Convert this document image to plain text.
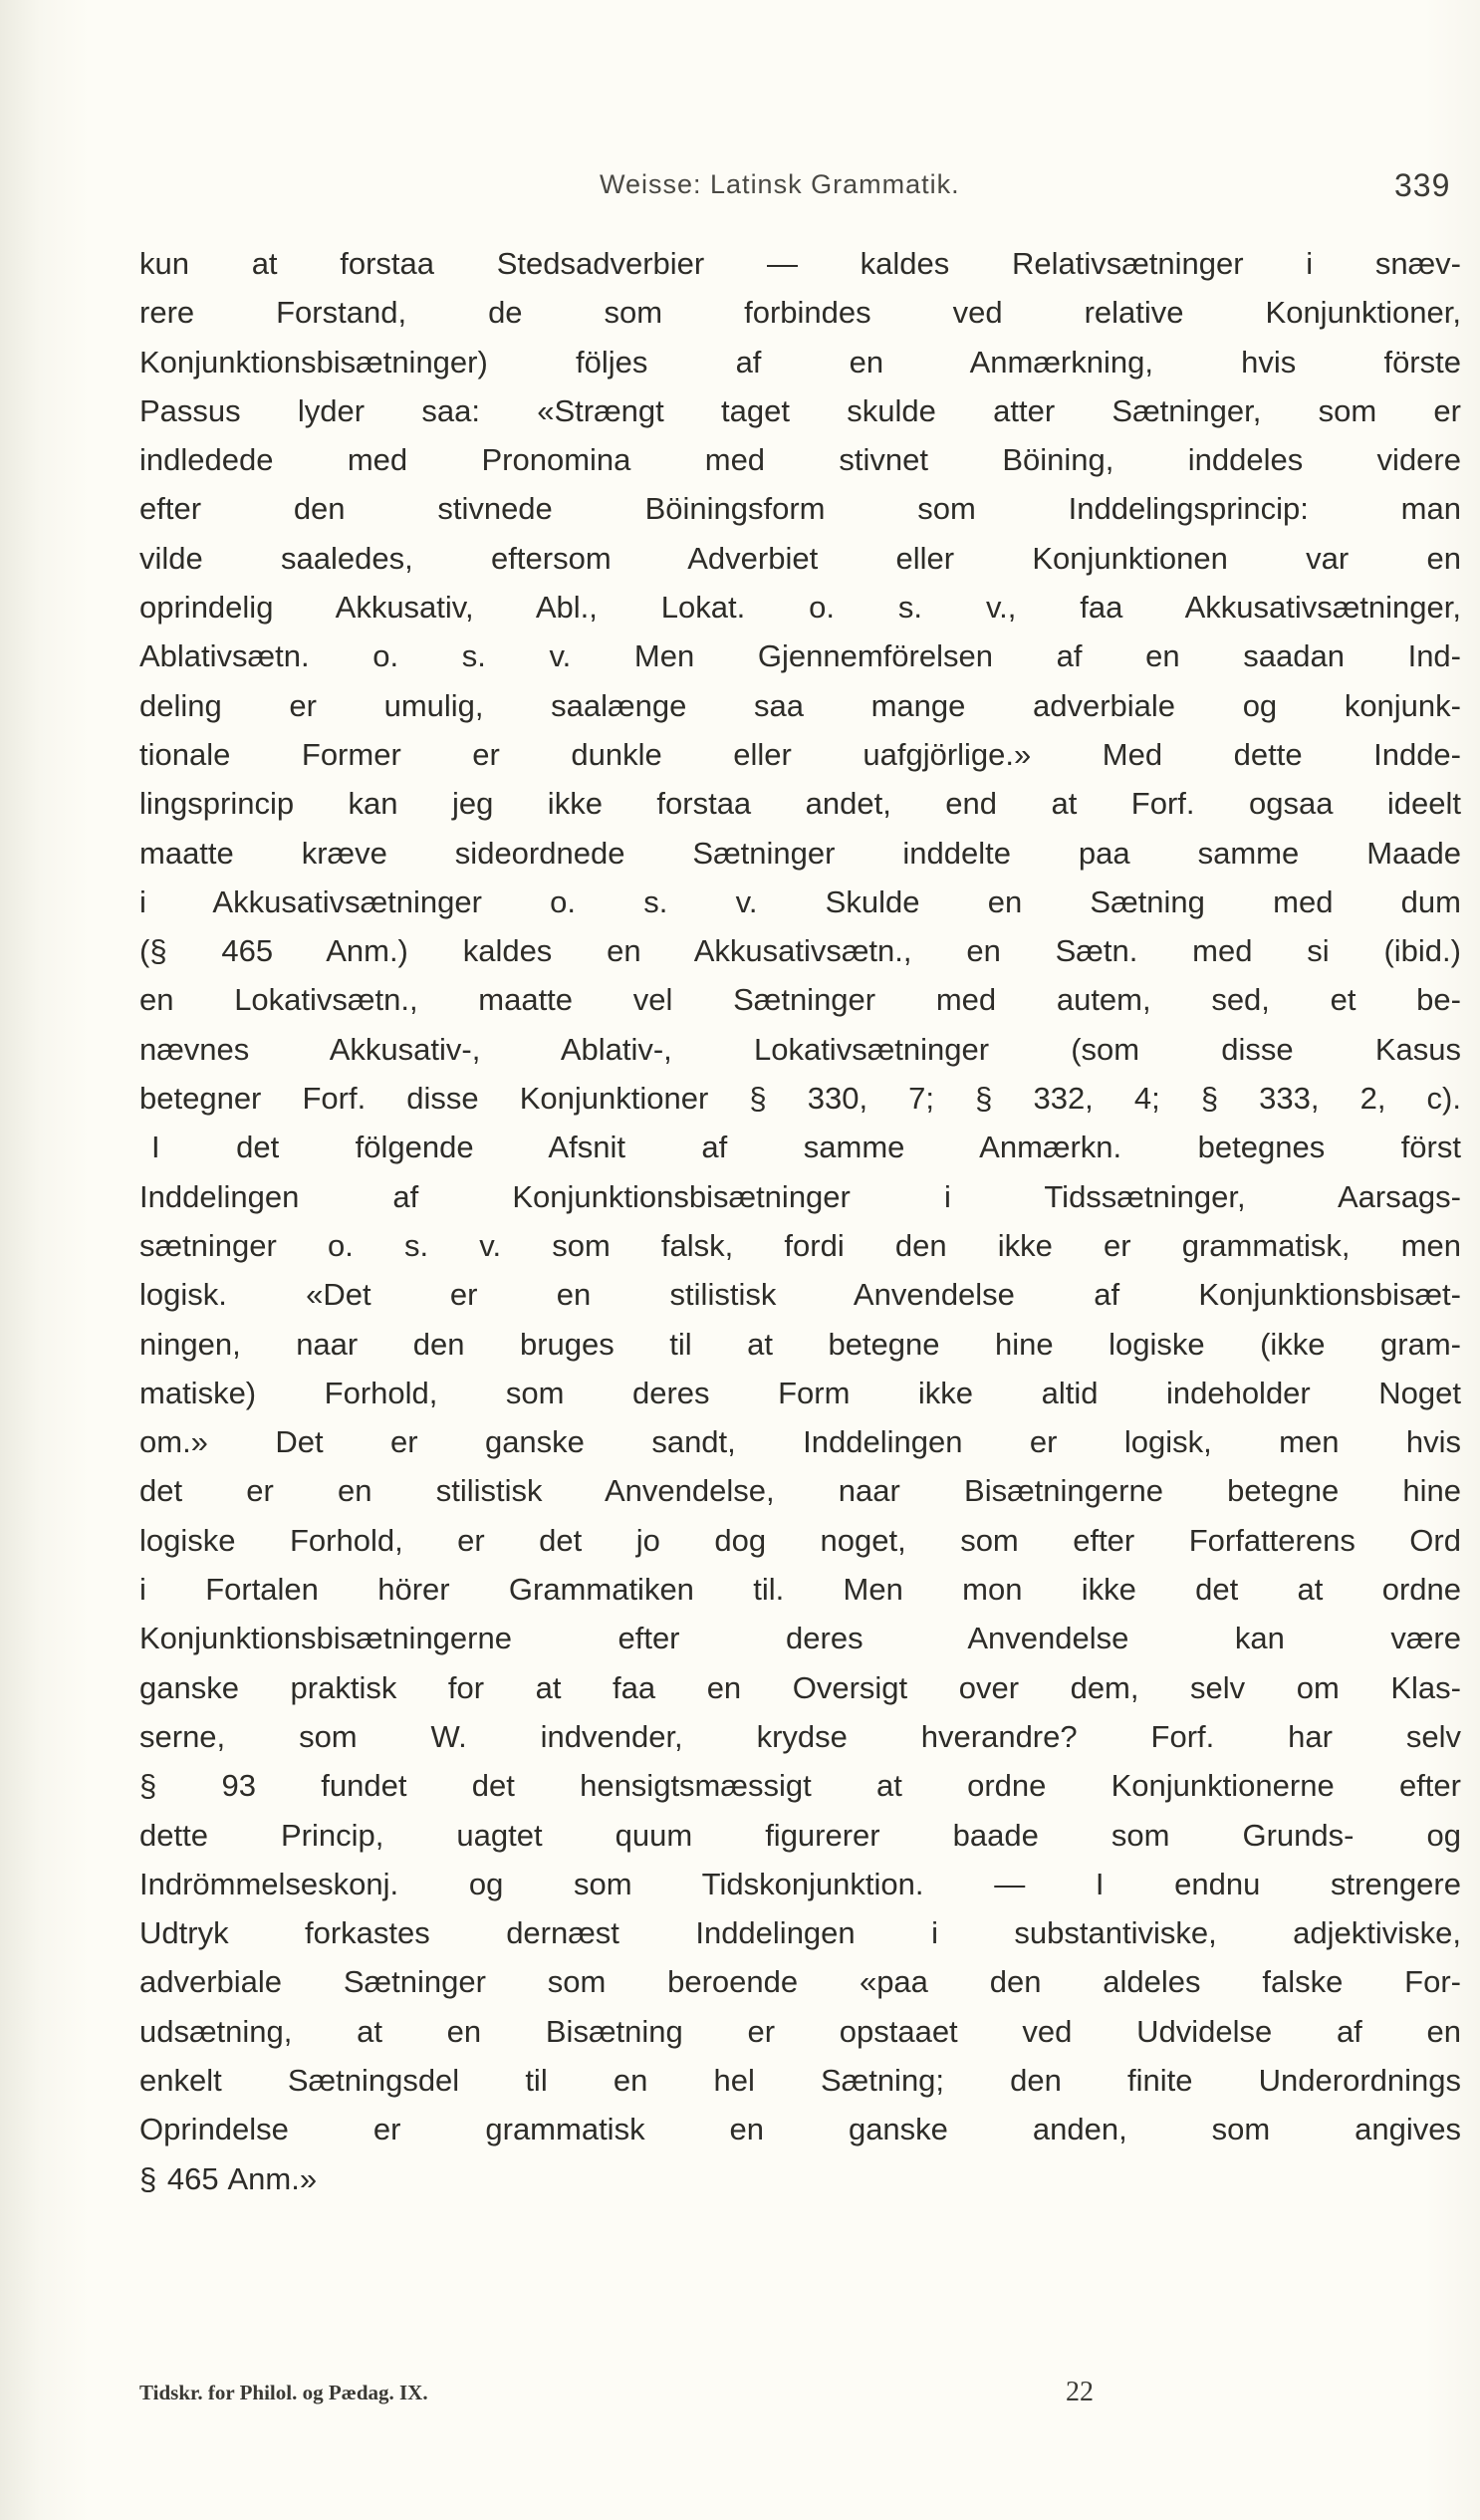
Weisse: Latinsk Grammatik.	339
kun at forstaa Stedsadverbier — kaldes Relativsætninger i snæv-
rere Forstand, de som forbindes ved relative Konjunktioner,
Konjunktionsbisætninger) följes af en Anmærkning, hvis förste
Passus lyder saa: «Strængt taget skulde atter Sætninger, som er
indledede med Pronomina med stivnet Böining, inddeles videre
efter den stivnede Böiningsform som Inddelingsprincip: man
vilde saaledes, eftersom Adverbiet eller Konjunktionen var en
oprindelig Akkusativ, Abl., Lokat. o. s. v., faa Akkusativsætninger,
Ablativsætn. o. s. v. Men Gjennemförelsen af en saadan Ind-
deling er umulig, saalænge saa mange adverbiale og konjunk-
tionale Former er dunkle eller uafgjörlige.» Med dette Indde-
lingsprincip kan jeg ikke forstaa andet, end at Forf. ogsaa ideelt
maatte kræve sideordnede Sætninger inddelte paa samme Maade
i Akkusativsætninger o. s. v. Skulde en Sætning med dum
(§ 465 Anm.) kaldes en Akkusativsætn., en Sætn. med si (ibid.)
en Lokativsætn., maatte vel Sætninger med autem, sed, et be-
nævnes Akkusativ-, Ablativ-, Lokativsætninger (som disse Kasus
betegner Forf. disse Konjunktioner § 330, 7; § 332, 4; § 333, 2, c).
I det fölgende Afsnit af samme Anmærkn. betegnes först
Inddelingen af Konjunktionsbisætninger i Tidssætninger, Aarsags-
sætninger o. s. v. som falsk, fordi den ikke er grammatisk, men
logisk. «Det er en stilistisk Anvendelse af Konjunktionsbisæt-
ningen, naar den bruges til at betegne hine logiske (ikke gram-
matiske) Forhold, som deres Form ikke altid indeholder Noget
om.» Det er ganske sandt, Inddelingen er logisk, men hvis
det er en stilistisk Anvendelse, naar Bisætningerne betegne hine
logiske Forhold, er det jo dog noget, som efter Forfatterens Ord
i Fortalen hörer Grammatiken til. Men mon ikke det at ordne
Konjunktionsbisætningerne efter deres Anvendelse kan være
ganske praktisk for at faa en Oversigt over dem, selv om Klas-
serne, som W. indvender, krydse hverandre? Forf. har selv
§ 93 fundet det hensigtsmæssigt at ordne Konjunktionerne efter
dette Princip, uagtet quum figurerer baade som Grunds- og
Indrömmelseskonj. og som Tidskonjunktion. — I endnu strengere
Udtryk forkastes dernæst Inddelingen i substantiviske, adjektiviske,
adverbiale Sætninger som beroende «paa den aldeles falske For-
udsætning, at en Bisætning er opstaaet ved Udvidelse af en
enkelt Sætningsdel til en hel Sætning; den finite Underordnings
Oprindelse er grammatisk en ganske anden, som angives
§ 465 Anm.»
Tidskr. for Philol. og Pædag. IX.	22
